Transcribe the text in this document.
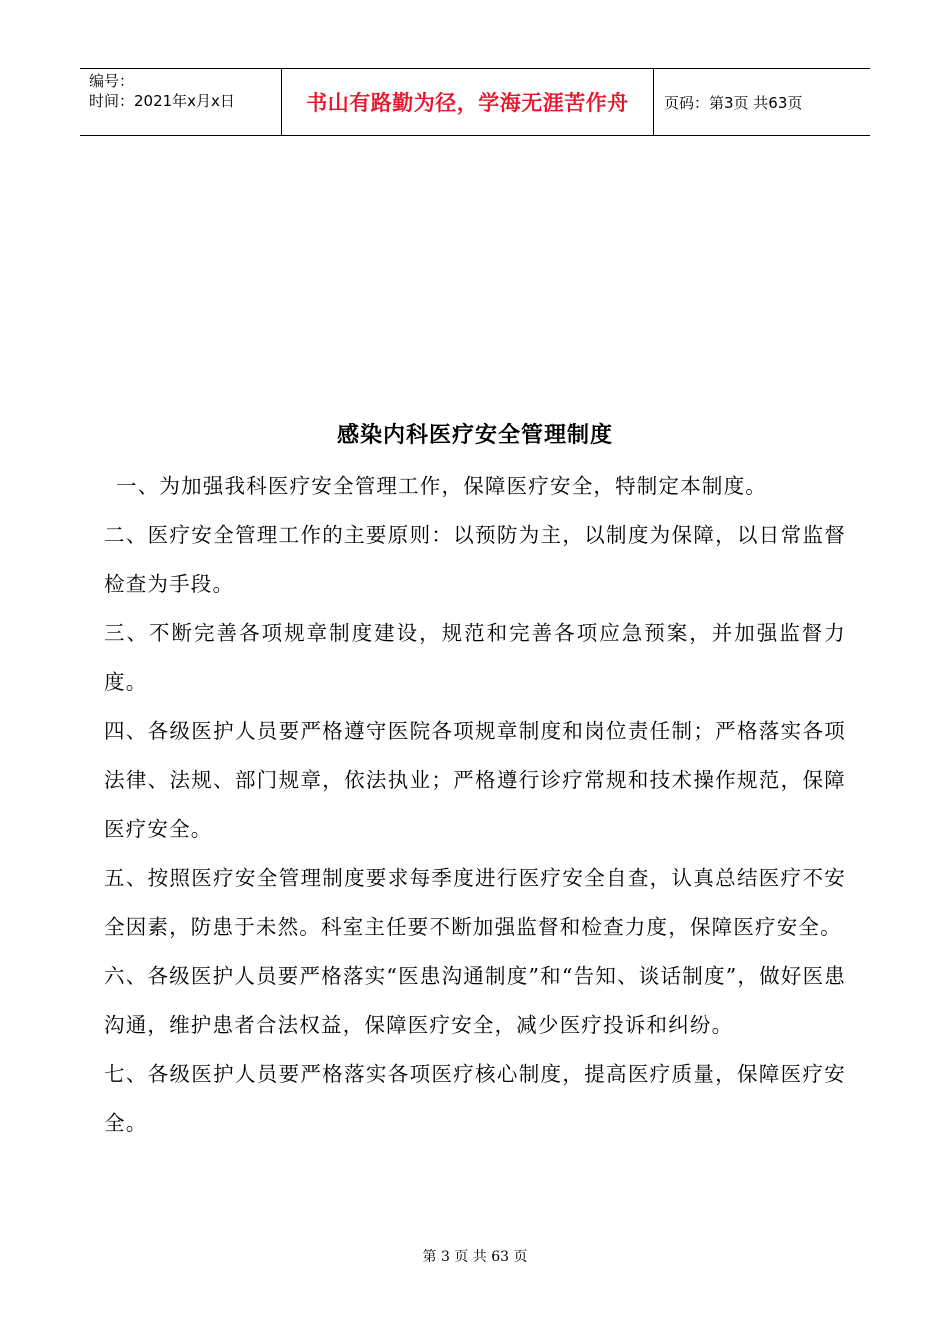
编号：
时间：2021年x月x日	书山有路勤为径，学海无涯苦作舟 页码：第3页 共63页
感染内科医疗安全管理制度

一、为加强我科医疗安全管理工作，保障医疗安全，特制定本制度。

二、医疗安全管理工作的主要原则：以预防为主，以制度为保障，以日常监督检查为手段。

三、不断完善各项规章制度建设，规范和完善各项应急预案，并加强监督力度。

四、各级医护人员要严格遵守医院各项规章制度和岗位责任制；严格落实各项法律、法规、部门规章，依法执业；严格遵行诊疗常规和技术操作规范，保障医疗安全。

五、按照医疗安全管理制度要求每季度进行医疗安全自查，认真总结医疗不安全因素，防患于未然。科室主任要不断加强监督和检查力度，保障医疗安全。

六、各级医护人员要严格落实“医患沟通制度”和“告知、谈话制度”，做好医患沟通，维护患者合法权益，保障医疗安全，减少医疗投诉和纠纷。

七、各级医护人员要严格落实各项医疗核心制度，提高医疗质量，保障医疗安全。

第 3 页 共 63 页
